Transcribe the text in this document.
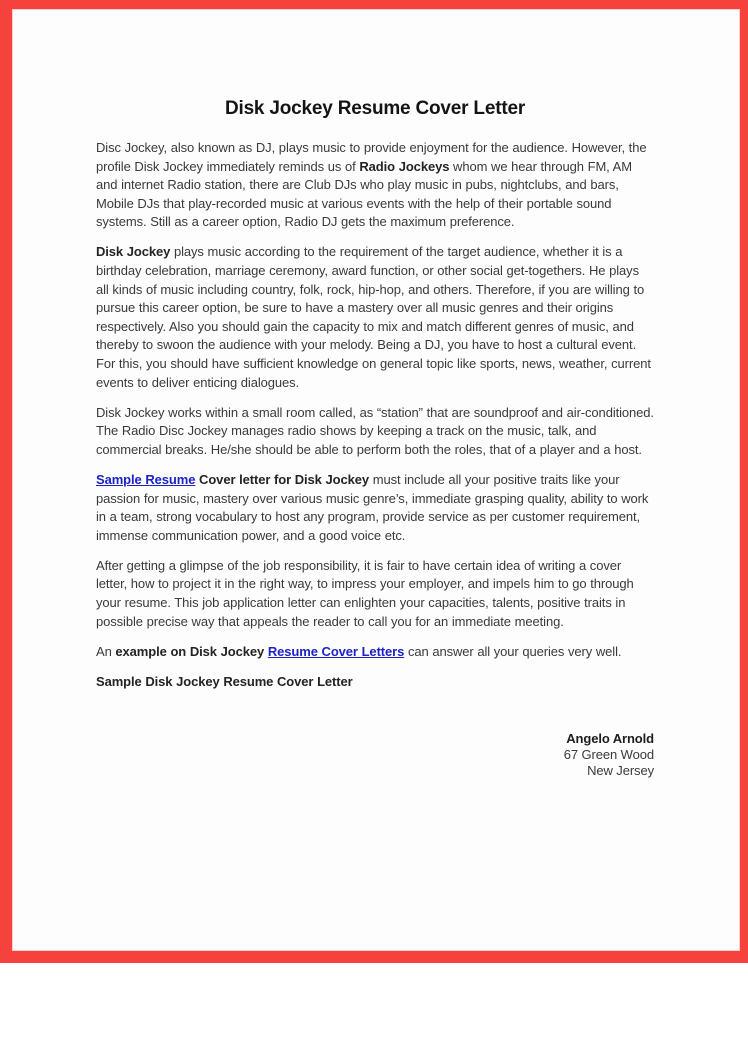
Disk Jockey Resume Cover Letter

Disc Jockey, also known as DJ, plays music to provide enjoyment for the audience. However, the profile Disk Jockey immediately reminds us of Radio Jockeys whom we hear through FM, AM and internet Radio station, there are Club DJs who play music in pubs, nightclubs, and bars, Mobile DJs that play-recorded music at various events with the help of their portable sound systems. Still as a career option, Radio DJ gets the maximum preference.

Disk Jockey plays music according to the requirement of the target audience, whether it is a birthday celebration, marriage ceremony, award function, or other social get-togethers. He plays all kinds of music including country, folk, rock, hip-hop, and others. Therefore, if you are willing to pursue this career option, be sure to have a mastery over all music genres and their origins respectively. Also you should gain the capacity to mix and match different genres of music, and thereby to swoon the audience with your melody. Being a DJ, you have to host a cultural event. For this, you should have sufficient knowledge on general topic like sports, news, weather, current events to deliver enticing dialogues.

Disk Jockey works within a small room called, as “station” that are soundproof and air-conditioned. The Radio Disc Jockey manages radio shows by keeping a track on the music, talk, and commercial breaks. He/she should be able to perform both the roles, that of a player and a host.

Sample Resume Cover letter for Disk Jockey must include all your positive traits like your passion for music, mastery over various music genre’s, immediate grasping quality, ability to work in a team, strong vocabulary to host any program, provide service as per customer requirement, immense communication power, and a good voice etc.

After getting a glimpse of the job responsibility, it is fair to have certain idea of writing a cover letter, how to project it in the right way, to impress your employer, and impels him to go through your resume. This job application letter can enlighten your capacities, talents, positive traits in possible precise way that appeals the reader to call you for an immediate meeting.

An example on Disk Jockey Resume Cover Letters can answer all your queries very well.

Sample Disk Jockey Resume Cover Letter

Angelo Arnold
67 Green Wood
New Jersey
